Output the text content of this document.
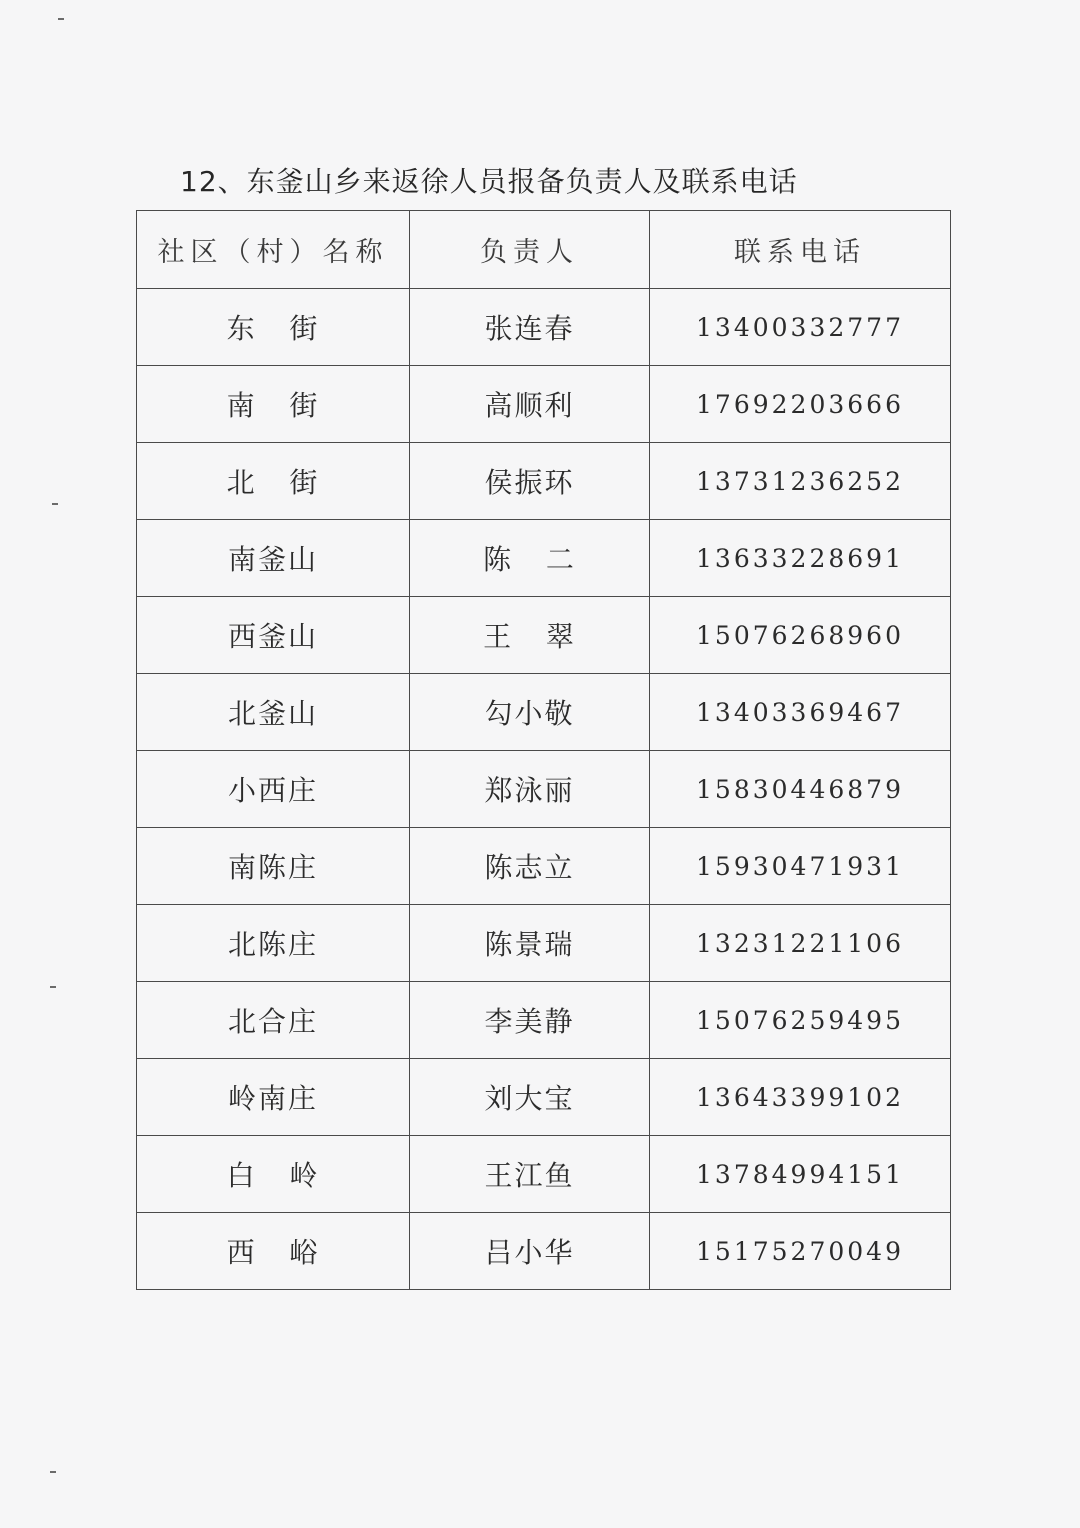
12、东釜山乡来返徐人员报备负责人及联系电话
社区（村）名称	负责人	联系电话
东   街	张连春	13400332777
南   街	高顺利	17692203666
北   街	侯振环	13731236252
南釜山	陈   二	13633228691
西釜山	王   翠	15076268960
北釜山	勾小敬	13403369467
小西庄	郑泳丽	15830446879
南陈庄	陈志立	15930471931
北陈庄	陈景瑞	13231221106
北合庄	李美静	15076259495
岭南庄	刘大宝	13643399102
白   岭	王江鱼	13784994151
西   峪	吕小华	15175270049
